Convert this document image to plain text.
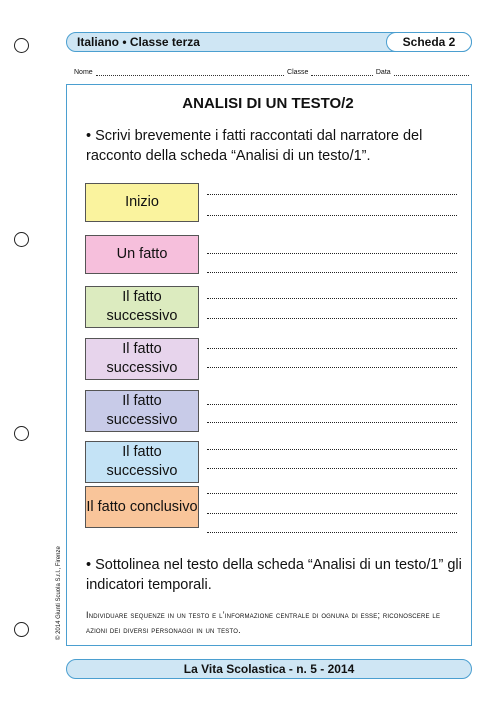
Italiano • Classe terza	Scheda 2
Nome	Classe	Data
ANALISI DI UN TESTO/2
• Scrivi brevemente i fatti raccontati dal narratore del racconto della scheda “Analisi di un testo/1”.
Inizio
Un fatto
Il fatto successivo
Il fatto successivo
Il fatto successivo
Il fatto successivo
Il fatto conclusivo
• Sottolinea nel testo della scheda “Analisi di un testo/1” gli indicatori temporali.
Individuare sequenze in un testo e l’informazione centrale di ognuna di esse; riconoscere le azioni dei diversi personaggi in un testo.
© 2014 Giunti Scuola S.r.l., Firenze
La Vita Scolastica - n. 5 - 2014
